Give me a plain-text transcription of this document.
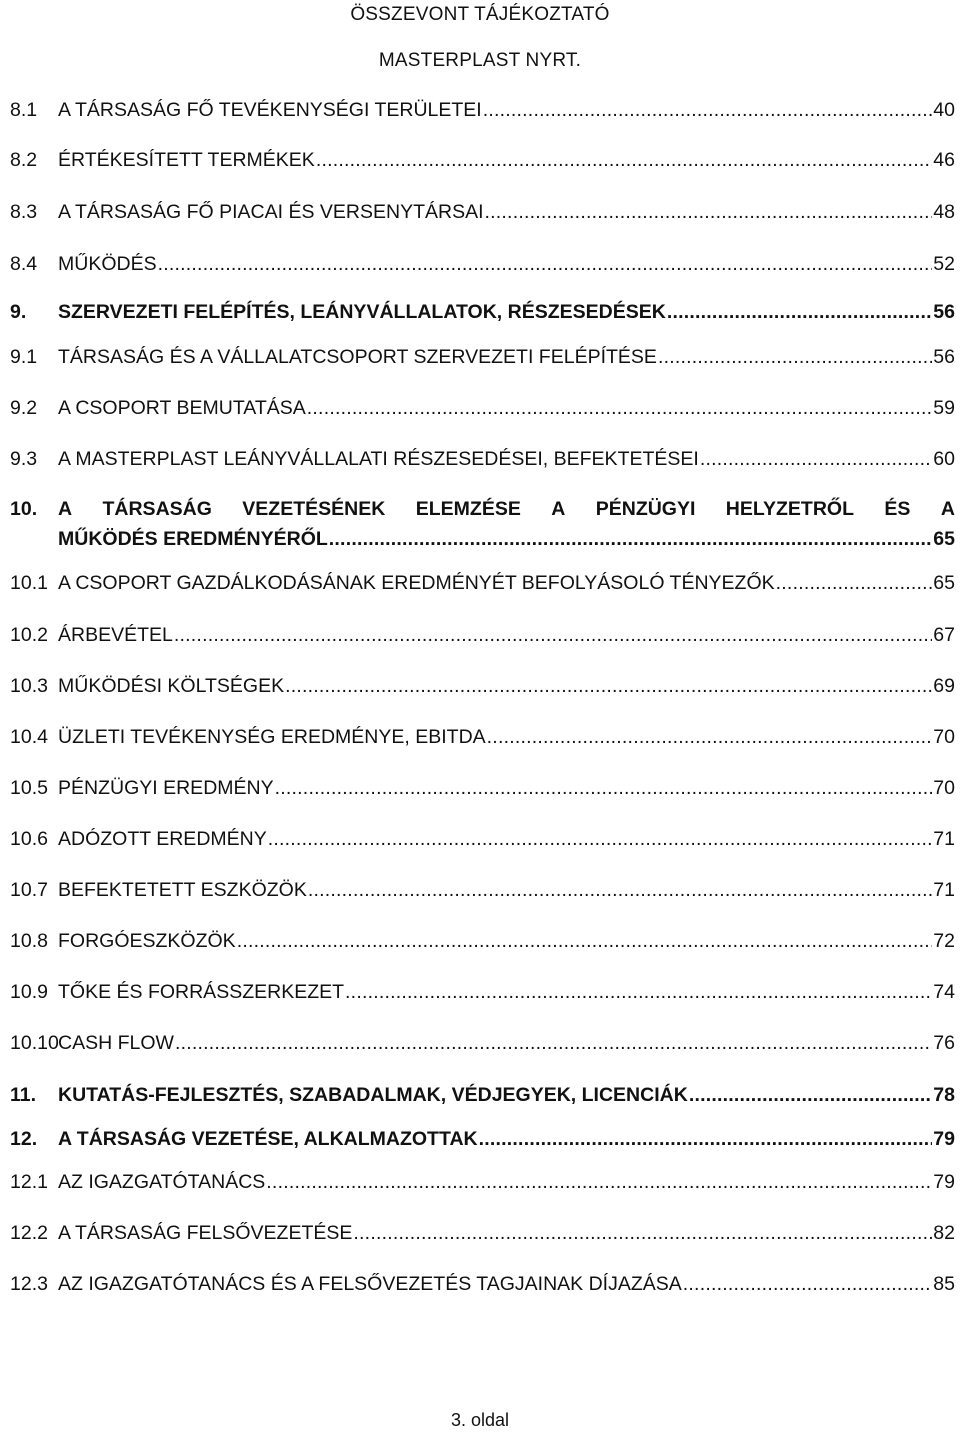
ÖSSZEVONT TÁJÉKOZTATÓ
MASTERPLAST NYRT.
8.1	A TÁRSASÁG FŐ TEVÉKENYSÉGI TERÜLETEI . . .	40
8.2	ÉRTÉKESÍTETT TERMÉKEK . . .	46
8.3	A TÁRSASÁG FŐ PIACAI ÉS VERSENYTÁRSAI . . .	48
8.4	MŰKÖDÉS . . .	52
9.	SZERVEZETI FELÉPÍTÉS, LEÁNYVÁLLALATOK, RÉSZESEDÉSEK . . .	56
9.1	TÁRSASÁG ÉS A VÁLLALATCSOPORT SZERVEZETI FELÉPÍTÉSE . . .	56
9.2	A CSOPORT BEMUTATÁSA . . .	59
9.3	A MASTERPLAST LEÁNYVÁLLALATI RÉSZESEDÉSEI, BEFEKTETÉSEI . . .	60
10.	A TÁRSASÁG VEZETÉSÉNEK ELEMZÉSE A PÉNZÜGYI HELYZETRŐL ÉS A
MŰKÖDÉS EREDMÉNYÉRŐL . . .	65
10.1 A CSOPORT GAZDÁLKODÁSÁNAK EREDMÉNYÉT BEFOLYÁSOLÓ TÉNYEZŐK . . .	65
10.2 ÁRBEVÉTEL . . .	67
10.3 MŰKÖDÉSI KÖLTSÉGEK . . .	69
10.4 ÜZLETI TEVÉKENYSÉG EREDMÉNYE, EBITDA . . .	70
10.5 PÉNZÜGYI EREDMÉNY . . .	70
10.6 ADÓZOTT EREDMÉNY . . .	71
10.7 BEFEKTETETT ESZKÖZÖK . . .	71
10.8 FORGÓESZKÖZÖK . . .	72
10.9 TŐKE ÉS FORRÁSSZERKEZET . . .	74
10.10 CASH FLOW . . .	76
11.	KUTATÁS-FEJLESZTÉS, SZABADALMAK, VÉDJEGYEK, LICENCIÁK . . .	78
12.	A TÁRSASÁG VEZETÉSE, ALKALMAZOTTAK . . .	79
12.1 AZ IGAZGATÓTANÁCS . . .	79
12.2 A TÁRSASÁG FELSŐVEZETÉSE . . .	82
12.3 AZ IGAZGATÓTANÁCS ÉS A FELSŐVEZETÉS TAGJAINAK DÍJAZÁSA . . .	85
3. oldal
